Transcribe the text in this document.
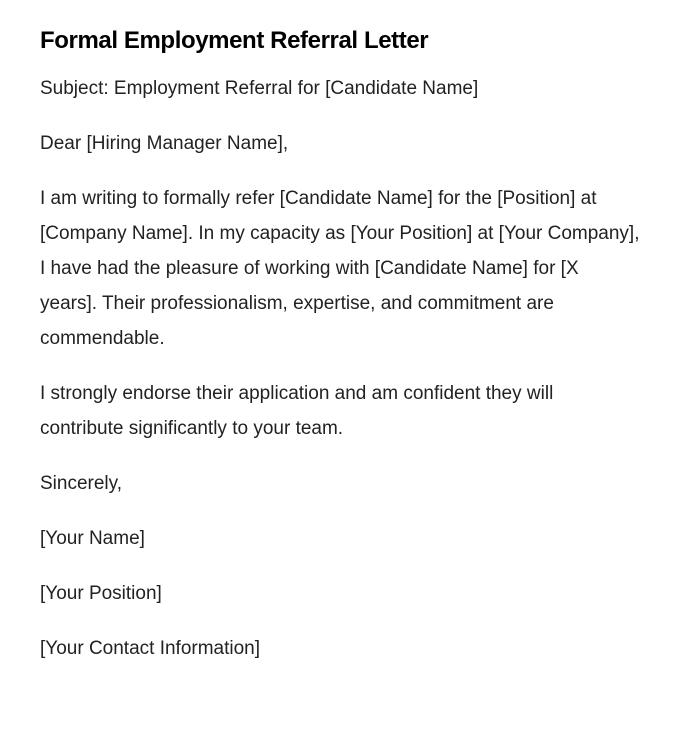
Formal Employment Referral Letter

Subject: Employment Referral for [Candidate Name]

Dear [Hiring Manager Name],

I am writing to formally refer [Candidate Name] for the [Position] at [Company Name]. In my capacity as [Your Position] at [Your Company], I have had the pleasure of working with [Candidate Name] for [X years]. Their professionalism, expertise, and commitment are commendable.

I strongly endorse their application and am confident they will contribute significantly to your team.

Sincerely,

[Your Name]

[Your Position]

[Your Contact Information]
